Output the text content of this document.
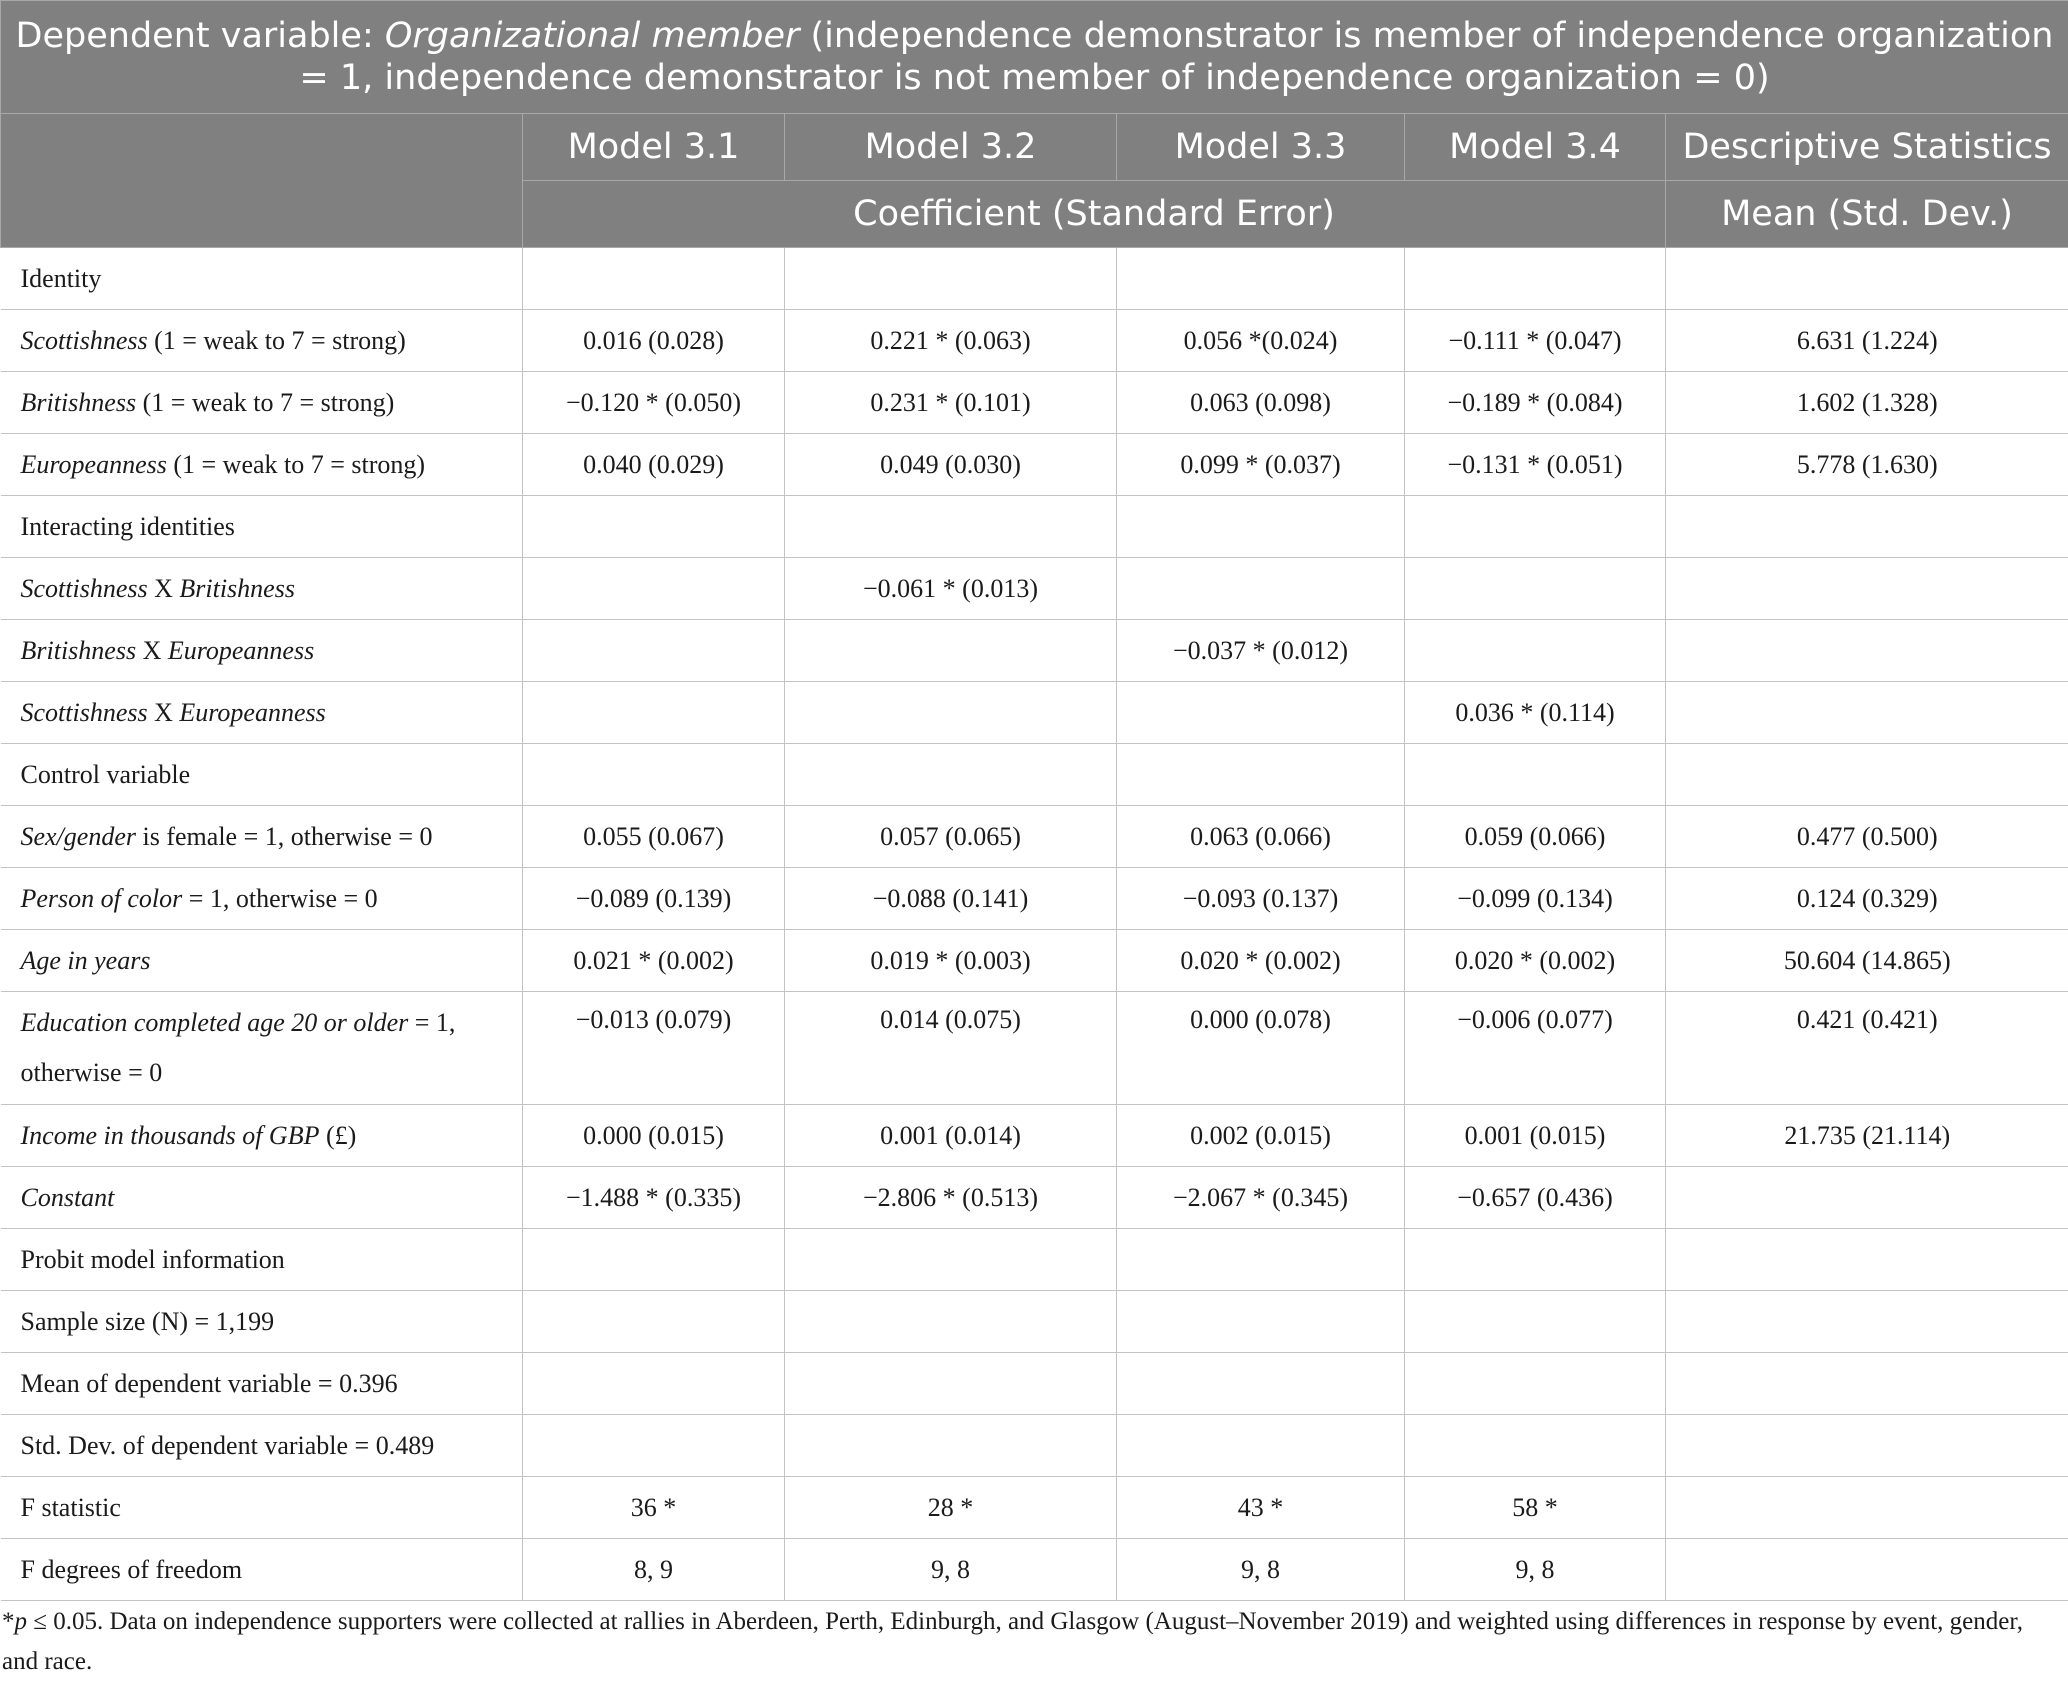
Dependent variable: Organizational member (independence demonstrator is member of independence organization = 1, independence demonstrator is not member of independence organization = 0)					
	Model 3.1	Model 3.2	Model 3.3	Model 3.4	Descriptive Statistics
	Coefficient (Standard Error)				Mean (Std. Dev.)
Identity					
Scottishness (1 = weak to 7 = strong)	0.016 (0.028)	0.221 * (0.063)	0.056 *(0.024)	−0.111 * (0.047)	6.631 (1.224)
Britishness (1 = weak to 7 = strong)	−0.120 * (0.050)	0.231 * (0.101)	0.063 (0.098)	−0.189 * (0.084)	1.602 (1.328)
Europeanness (1 = weak to 7 = strong)	0.040 (0.029)	0.049 (0.030)	0.099 * (0.037)	−0.131 * (0.051)	5.778 (1.630)
Interacting identities					
Scottishness X Britishness		−0.061 * (0.013)			
Britishness X Europeanness			−0.037 * (0.012)		
Scottishness X Europeanness				0.036 * (0.114)	
Control variable					
Sex/gender is female = 1, otherwise = 0	0.055 (0.067)	0.057 (0.065)	0.063 (0.066)	0.059 (0.066)	0.477 (0.500)
Person of color = 1, otherwise = 0	−0.089 (0.139)	−0.088 (0.141)	−0.093 (0.137)	−0.099 (0.134)	0.124 (0.329)
Age in years	0.021 * (0.002)	0.019 * (0.003)	0.020 * (0.002)	0.020 * (0.002)	50.604 (14.865)
Education completed age 20 or older = 1,
otherwise = 0	−0.013 (0.079)	0.014 (0.075)	0.000 (0.078)	−0.006 (0.077)	0.421 (0.421)
Income in thousands of GBP (£)	0.000 (0.015)	0.001 (0.014)	0.002 (0.015)	0.001 (0.015)	21.735 (21.114)
Constant	−1.488 * (0.335)	−2.806 * (0.513)	−2.067 * (0.345)	−0.657 (0.436)	
Probit model information					
Sample size (N) = 1,199					
Mean of dependent variable = 0.396					
Std. Dev. of dependent variable = 0.489					
F statistic	36 *	28 *	43 *	58 *	
F degrees of freedom	8, 9	9, 8	9, 8	9, 8	
*p ≤ 0.05. Data on independence supporters were collected at rallies in Aberdeen, Perth, Edinburgh, and Glasgow (August–November 2019) and weighted using differences in response by event, gender, and race.
